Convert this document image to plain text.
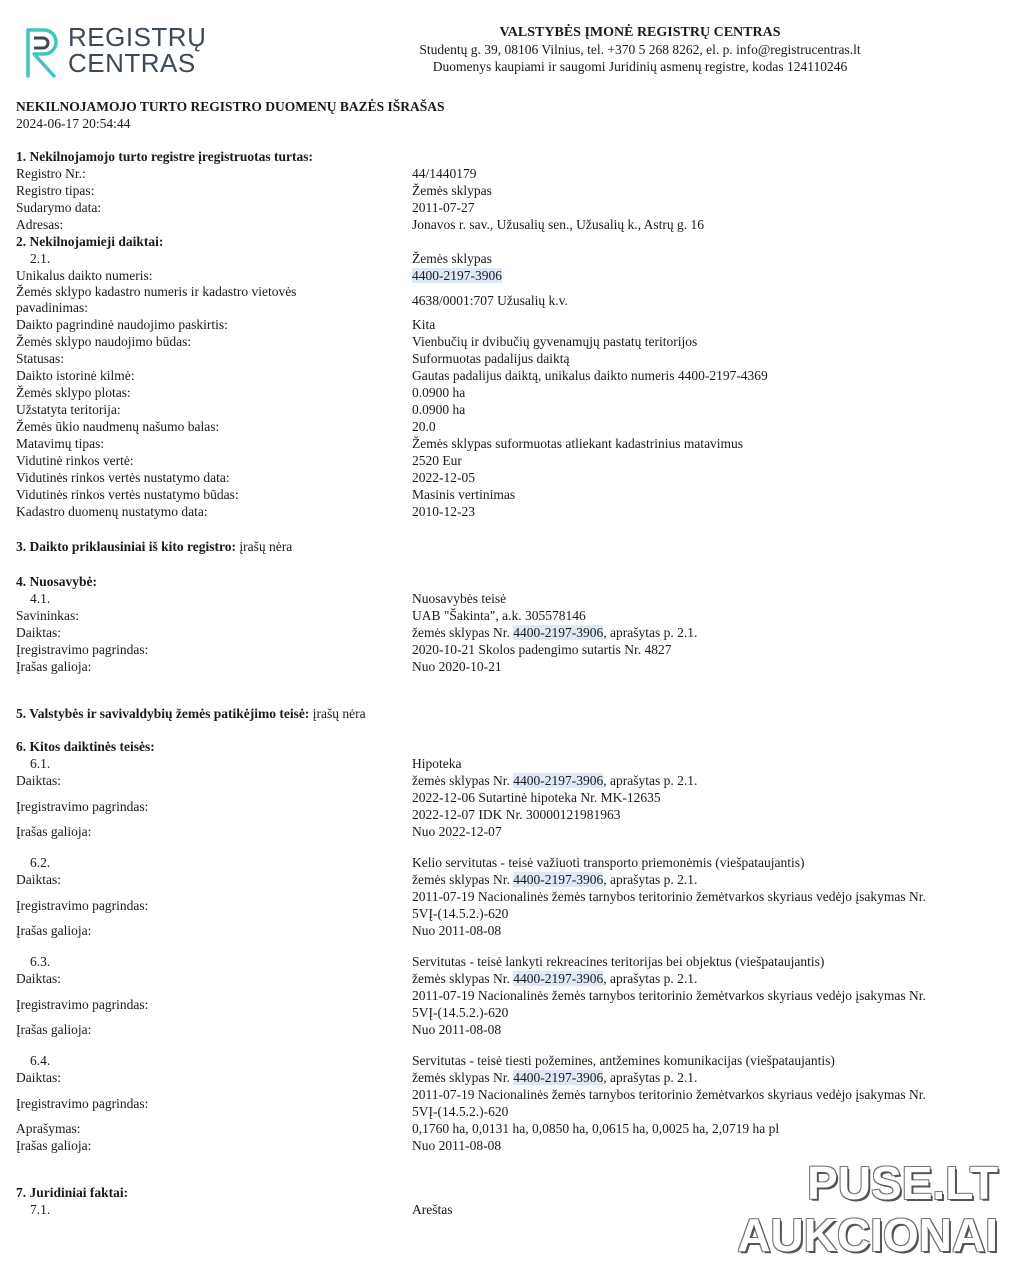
REGISTRŲ
CENTRAS
VALSTYBĖS ĮMONĖ REGISTRŲ CENTRAS
Studentų g. 39, 08106 Vilnius, tel. +370 5 268 8262, el. p. info@registrucentras.lt
Duomenys kaupiami ir saugomi Juridinių asmenų registre, kodas 124110246
NEKILNOJAMOJO TURTO REGISTRO DUOMENŲ BAZĖS IŠRAŠAS
2024-06-17 20:54:44
1. Nekilnojamojo turto registre įregistruotas turtas:
Registro Nr.:	44/1440179
Registro tipas:	Žemės sklypas
Sudarymo data:	2011-07-27
Adresas:	Jonavos r. sav., Užusalių sen., Užusalių k., Astrų g. 16
2. Nekilnojamieji daiktai:
2.1.	Žemės sklypas
Unikalus daikto numeris:	4400-2197-3906
Žemės sklypo kadastro numeris ir kadastro vietovės pavadinimas:	4638/0001:707 Užusalių k.v.
Daikto pagrindinė naudojimo paskirtis:	Kita
Žemės sklypo naudojimo būdas:	Vienbučių ir dvibučių gyvenamųjų pastatų teritorijos
Statusas:	Suformuotas padalijus daiktą
Daikto istorinė kilmė:	Gautas padalijus daiktą, unikalus daikto numeris 4400-2197-4369
Žemės sklypo plotas:	0.0900 ha
Užstatyta teritorija:	0.0900 ha
Žemės ūkio naudmenų našumo balas:	20.0
Matavimų tipas:	Žemės sklypas suformuotas atliekant kadastrinius matavimus
Vidutinė rinkos vertė:	2520 Eur
Vidutinės rinkos vertės nustatymo data:	2022-12-05
Vidutinės rinkos vertės nustatymo būdas:	Masinis vertinimas
Kadastro duomenų nustatymo data:	2010-12-23
3. Daikto priklausiniai iš kito registro: įrašų nėra
4. Nuosavybė:
4.1.	Nuosavybės teisė
Savininkas:	UAB "Šakinta", a.k. 305578146
Daiktas:	žemės sklypas Nr. 4400-2197-3906, aprašytas p. 2.1.
Įregistravimo pagrindas:	2020-10-21 Skolos padengimo sutartis Nr. 4827
Įrašas galioja:	Nuo 2020-10-21
5. Valstybės ir savivaldybių žemės patikėjimo teisė: įrašų nėra
6. Kitos daiktinės teisės:
6.1.	Hipoteka
Daiktas:	žemės sklypas Nr. 4400-2197-3906, aprašytas p. 2.1.
Įregistravimo pagrindas:
2022-12-06 Sutartinė hipoteka Nr. MK-12635
2022-12-07 IDK Nr. 30000121981963
Įrašas galioja:	Nuo 2022-12-07
6.2.	Kelio servitutas - teisė važiuoti transporto priemonėmis (viešpataujantis)
Daiktas:	žemės sklypas Nr. 4400-2197-3906, aprašytas p. 2.1.
Įregistravimo pagrindas:
2011-07-19 Nacionalinės žemės tarnybos teritorinio žemėtvarkos skyriaus vedėjo įsakymas Nr.
5VĮ-(14.5.2.)-620
Įrašas galioja:	Nuo 2011-08-08
6.3.	Servitutas - teisė lankyti rekreacines teritorijas bei objektus (viešpataujantis)
Daiktas:	žemės sklypas Nr. 4400-2197-3906, aprašytas p. 2.1.
Įregistravimo pagrindas:
2011-07-19 Nacionalinės žemės tarnybos teritorinio žemėtvarkos skyriaus vedėjo įsakymas Nr.
5VĮ-(14.5.2.)-620
Įrašas galioja:	Nuo 2011-08-08
6.4.	Servitutas - teisė tiesti požemines, antžemines komunikacijas (viešpataujantis)
Daiktas:	žemės sklypas Nr. 4400-2197-3906, aprašytas p. 2.1.
Įregistravimo pagrindas:
2011-07-19 Nacionalinės žemės tarnybos teritorinio žemėtvarkos skyriaus vedėjo įsakymas Nr.
5VĮ-(14.5.2.)-620
Aprašymas:	0,1760 ha, 0,0131 ha, 0,0850 ha, 0,0615 ha, 0,0025 ha, 2,0719 ha pl
Įrašas galioja:	Nuo 2011-08-08
7. Juridiniai faktai:
7.1.	Areštas
PUSE.LT
AUKCIONAI
